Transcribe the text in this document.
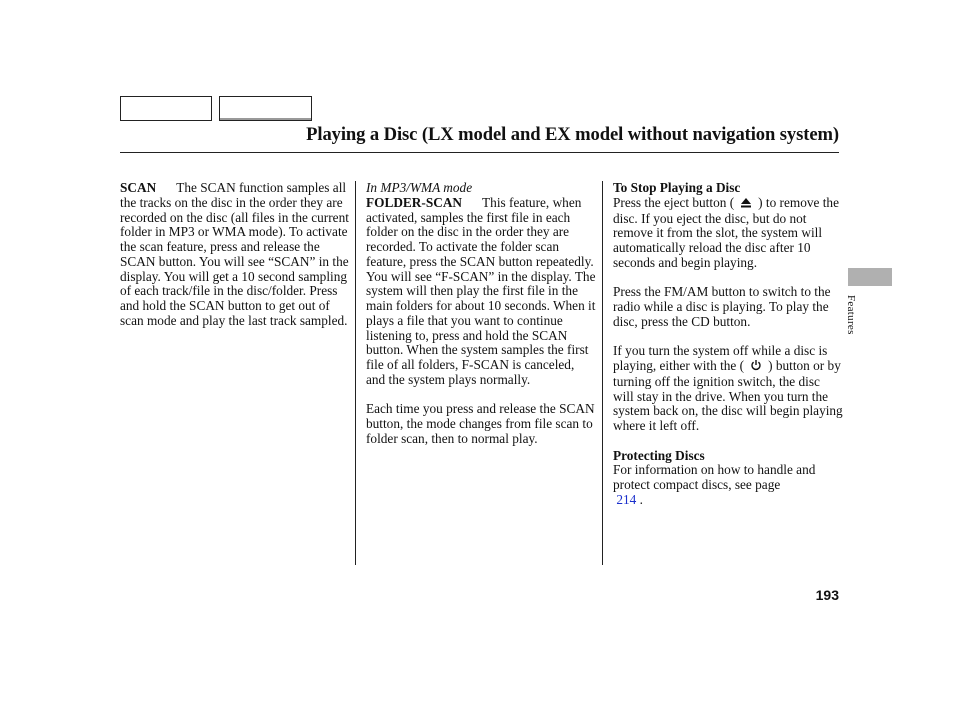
Playing a Disc (LX model and EX model without navigation system)

SCAN The SCAN function samples all the tracks on the disc in the order they are recorded on the disc (all files in the current folder in MP3 or WMA mode). To activate the scan feature, press and release the SCAN button. You will see “SCAN” in the display. You will get a 10 second sampling of each track/file in the disc/folder. Press and hold the SCAN button to get out of scan mode and play the last track sampled.

In MP3/WMA mode

FOLDER-SCAN This feature, when activated, samples the first file in each folder on the disc in the order they are recorded. To activate the folder scan feature, press the SCAN button repeatedly. You will see “F-SCAN” in the display. The system will then play the first file in the main folders for about 10 seconds. When it plays a file that you want to continue listening to, press and hold the SCAN button. When the system samples the first file of all folders, F-SCAN is canceled, and the system plays normally.

Each time you press and release the SCAN button, the mode changes from file scan to folder scan, then to normal play.

To Stop Playing a Disc

Press the eject button ( ) to remove the disc. If you eject the disc, but do not remove it from the slot, the system will automatically reload the disc after 10 seconds and begin playing.

Press the FM/AM button to switch to the radio while a disc is playing. To play the disc, press the CD button.

If you turn the system off while a disc is playing, either with the ( ) button or by turning off the ignition switch, the disc will stay in the drive. When you turn the system back on, the disc will begin playing where it left off.

Protecting Discs

For information on how to handle and protect compact discs, see page
214 .

Features
193
